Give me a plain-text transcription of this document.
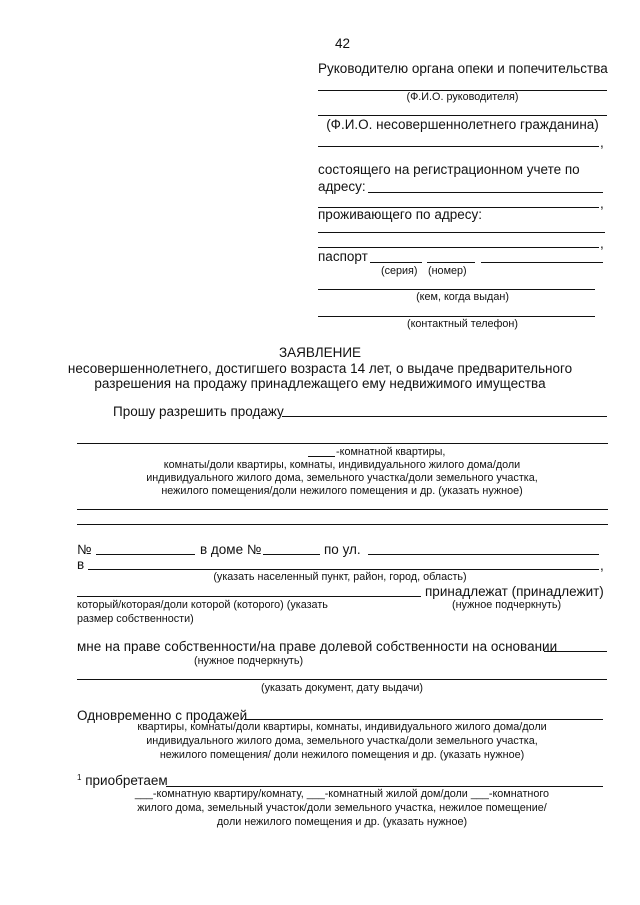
42
Руководителю органа опеки и попечительства
(Ф.И.О. руководителя)
(Ф.И.О. несовершеннолетнего гражданина)
,
состоящего на регистрационном учете по
адресу:
,
проживающего по адресу:
,
паспорт
(серия) (номер)
(кем, когда выдан)
(контактный телефон)
ЗАЯВЛЕНИЕ
несовершеннолетнего, достигшего возраста 14 лет, о выдаче предварительного
разрешения на продажу принадлежащего ему недвижимого имущества
Прошу разрешить продажу
-комнатной квартиры,
комнаты/доли квартиры, комнаты, индивидуального жилого дома/доли
индивидуального жилого дома, земельного участка/доли земельного участка,
нежилого помещения/доли нежилого помещения и др. (указать нужное)
№	в доме №	по ул.
в	,
(указать населенный пункт, район, город, область)
принадлежат (принадлежит)
который/которая/доли которой (которого) (указать	(нужное подчеркнуть)
размер собственности)
мне на праве собственности/на праве долевой собственности на основании
(нужное подчеркнуть)
(указать документ, дату выдачи)
Одновременно с продажей
квартиры, комнаты/доли квартиры, комнаты, индивидуального жилого дома/доли
индивидуального жилого дома, земельного участка/доли земельного участка,
нежилого помещения/ доли нежилого помещения и др. (указать нужное)
$^1$ приобретаем
___-комнатную квартиру/комнату, ___-комнатный жилой дом/доли ___-комнатного
жилого дома, земельный участок/доли земельного участка, нежилое помещение/
доли нежилого помещения и др. (указать нужное)
